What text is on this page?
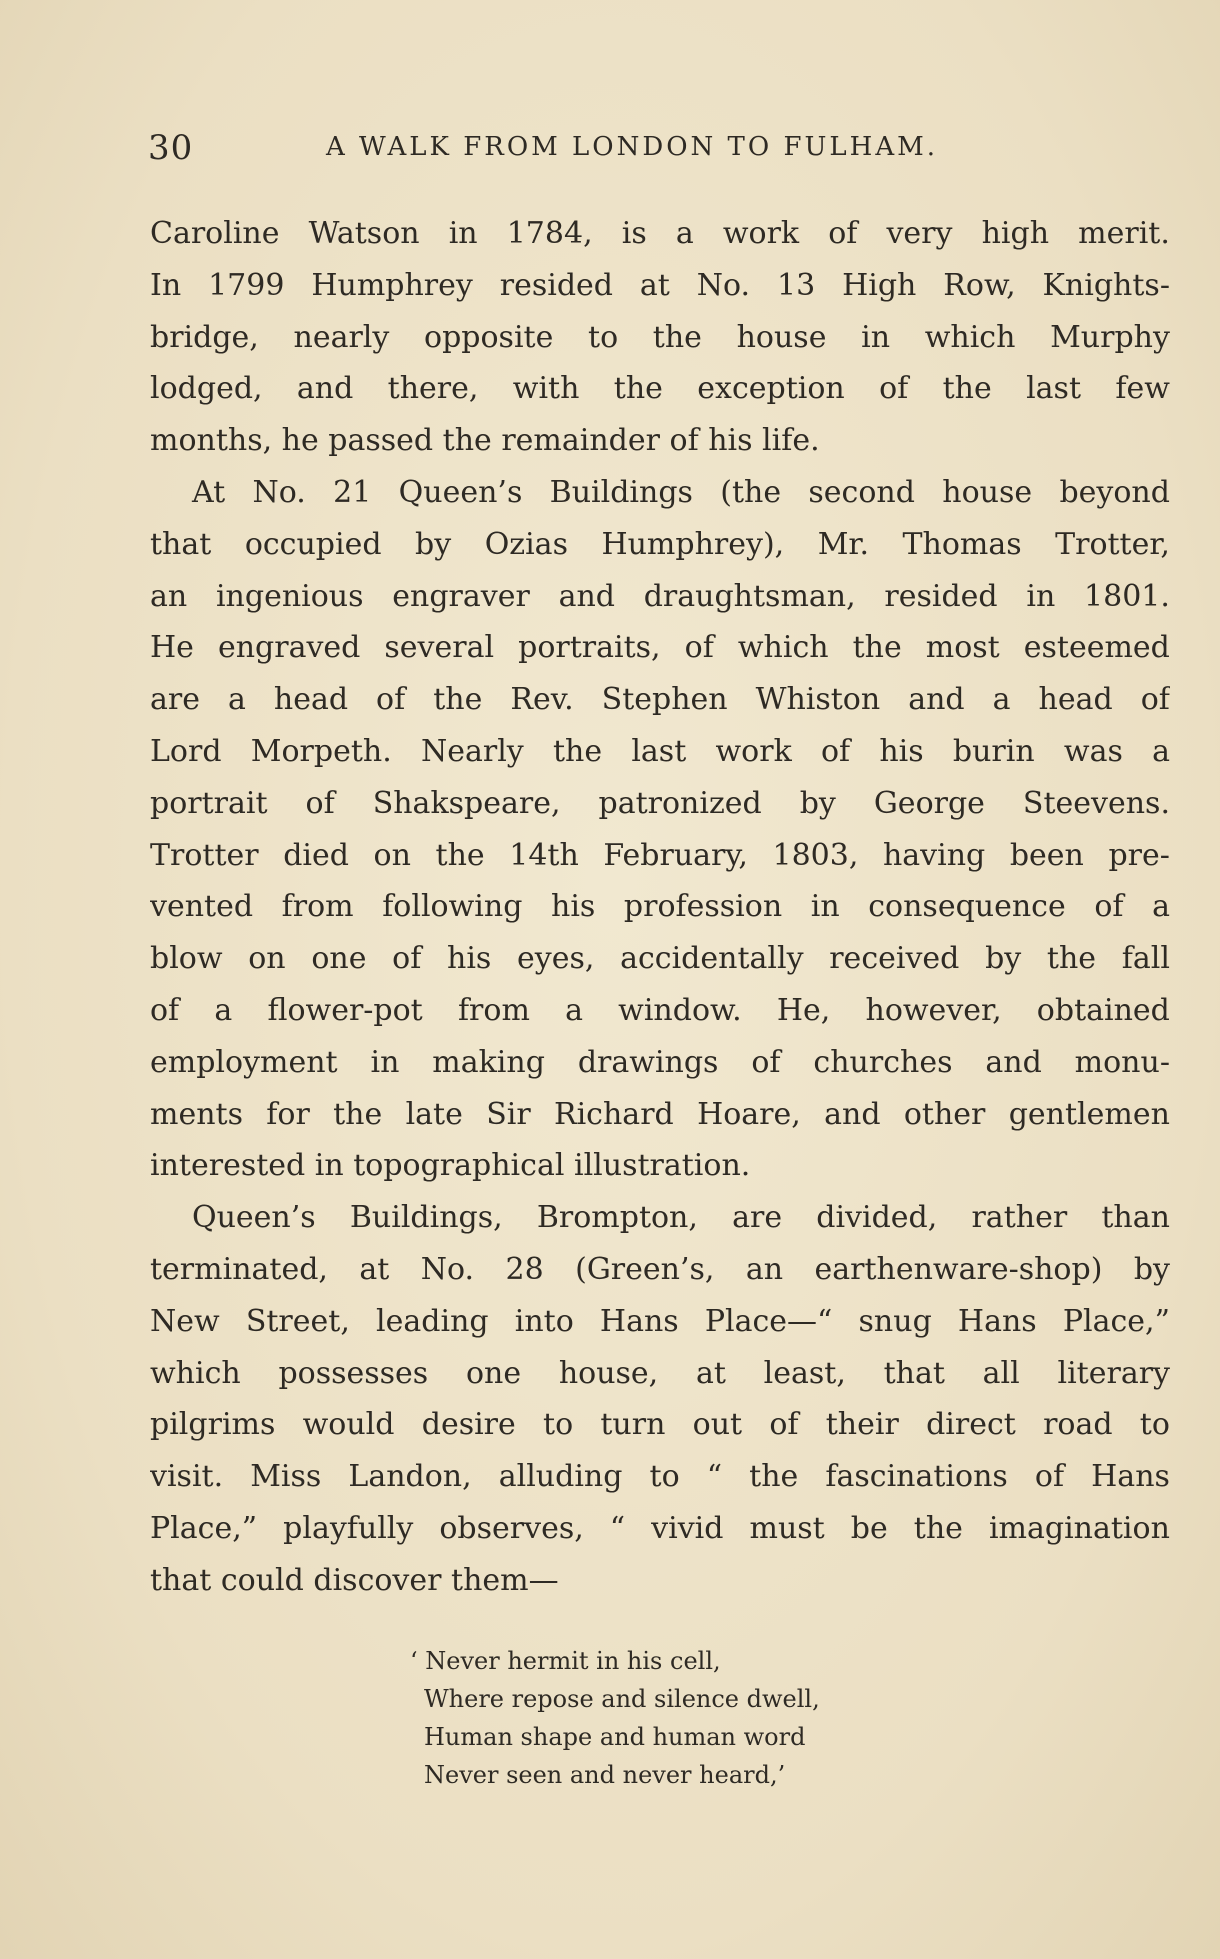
30	A WALK FROM LONDON TO FULHAM.
Caroline Watson in 1784, is a work of very high merit.
In 1799 Humphrey resided at No. 13 High Row, Knights-
bridge, nearly opposite to the house in which Murphy
lodged, and there, with the exception of the last few
months, he passed the remainder of his life.
At No. 21 Queen’s Buildings (the second house beyond
that occupied by Ozias Humphrey), Mr. Thomas Trotter,
an ingenious engraver and draughtsman, resided in 1801.
He engraved several portraits, of which the most esteemed
are a head of the Rev. Stephen Whiston and a head of
Lord Morpeth. Nearly the last work of his burin was a
portrait of Shakspeare, patronized by George Steevens.
Trotter died on the 14th February, 1803, having been pre-
vented from following his profession in consequence of a
blow on one of his eyes, accidentally received by the fall
of a flower-pot from a window. He, however, obtained
employment in making drawings of churches and monu-
ments for the late Sir Richard Hoare, and other gentlemen
interested in topographical illustration.
Queen’s Buildings, Brompton, are divided, rather than
terminated, at No. 28 (Green’s, an earthenware-shop) by
New Street, leading into Hans Place—“ snug Hans Place,”
which possesses one house, at least, that all literary
pilgrims would desire to turn out of their direct road to
visit. Miss Landon, alluding to “ the fascinations of Hans
Place,” playfully observes, “ vivid must be the imagination
that could discover them—
‘ Never hermit in his cell,
Where repose and silence dwell,
Human shape and human word
Never seen and never heard,’
